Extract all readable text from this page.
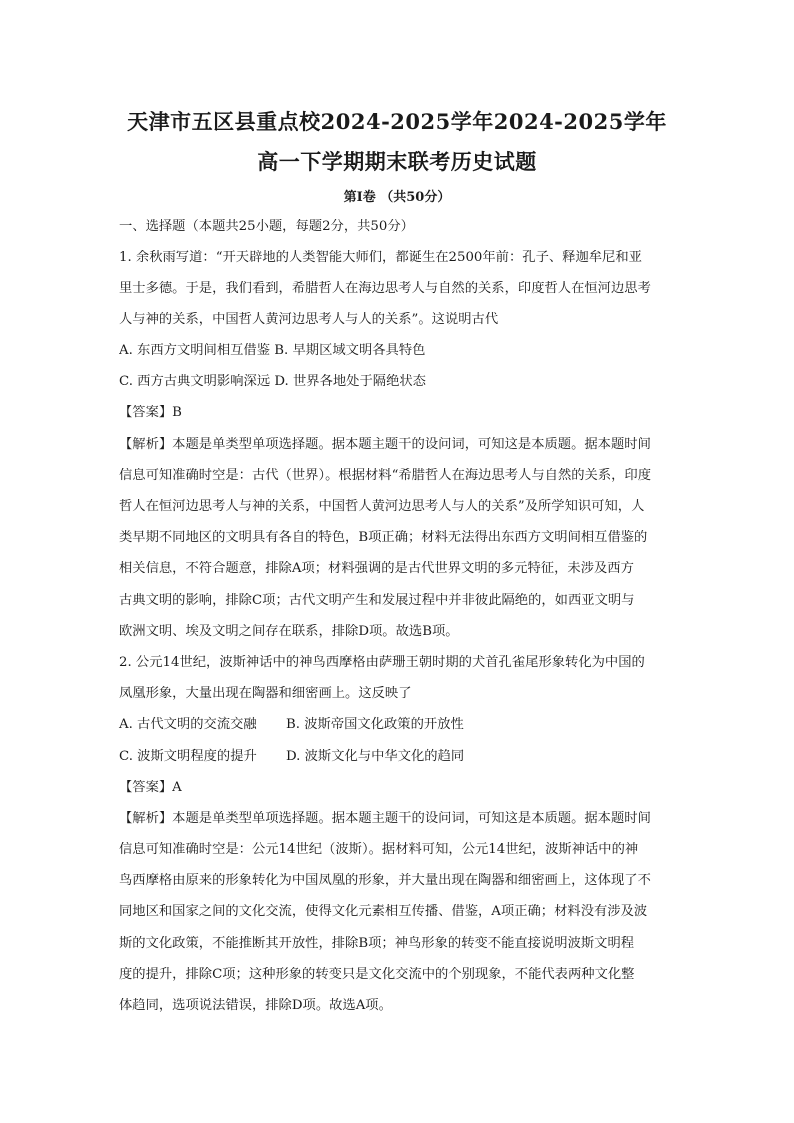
天津市五区县重点校2024-2025学年2024-2025学年
高一下学期期末联考历史试题
第Ⅰ卷 （共50分）
一、选择题（本题共25小题，每题2分，共50分）
1. 余秋雨写道：“开天辟地的人类智能大师们，都诞生在2500年前：孔子、释迦牟尼和亚
里士多德。于是，我们看到，希腊哲人在海边思考人与自然的关系，印度哲人在恒河边思考
人与神的关系，中国哲人黄河边思考人与人的关系”。这说明古代
A. 东西方文明间相互借鉴 B. 早期区域文明各具特色
C. 西方古典文明影响深远 D. 世界各地处于隔绝状态
【答案】B
【解析】本题是单类型单项选择题。据本题主题干的设问词，可知这是本质题。据本题时间
信息可知准确时空是：古代（世界）。根据材料“希腊哲人在海边思考人与自然的关系，印度
哲人在恒河边思考人与神的关系，中国哲人黄河边思考人与人的关系”及所学知识可知，人
类早期不同地区的文明具有各自的特色，B项正确；材料无法得出东西方文明间相互借鉴的
相关信息，不符合题意，排除A项；材料强调的是古代世界文明的多元特征，未涉及西方
古典文明的影响，排除C项；古代文明产生和发展过程中并非彼此隔绝的，如西亚文明与
欧洲文明、埃及文明之间存在联系，排除D项。故选B项。
2. 公元14世纪，波斯神话中的神鸟西摩格由萨珊王朝时期的犬首孔雀尾形象转化为中国的
凤凰形象，大量出现在陶器和细密画上。这反映了
A. 古代文明的交流交融 B. 波斯帝国文化政策的开放性
C. 波斯文明程度的提升 D. 波斯文化与中华文化的趋同
【答案】A
【解析】本题是单类型单项选择题。据本题主题干的设问词，可知这是本质题。据本题时间
信息可知准确时空是：公元14世纪（波斯）。据材料可知，公元14世纪，波斯神话中的神
鸟西摩格由原来的形象转化为中国凤凰的形象，并大量出现在陶器和细密画上，这体现了不
同地区和国家之间的文化交流，使得文化元素相互传播、借鉴，A项正确；材料没有涉及波
斯的文化政策，不能推断其开放性，排除B项；神鸟形象的转变不能直接说明波斯文明程
度的提升，排除C项；这种形象的转变只是文化交流中的个别现象，不能代表两种文化整
体趋同，选项说法错误，排除D项。故选A项。
